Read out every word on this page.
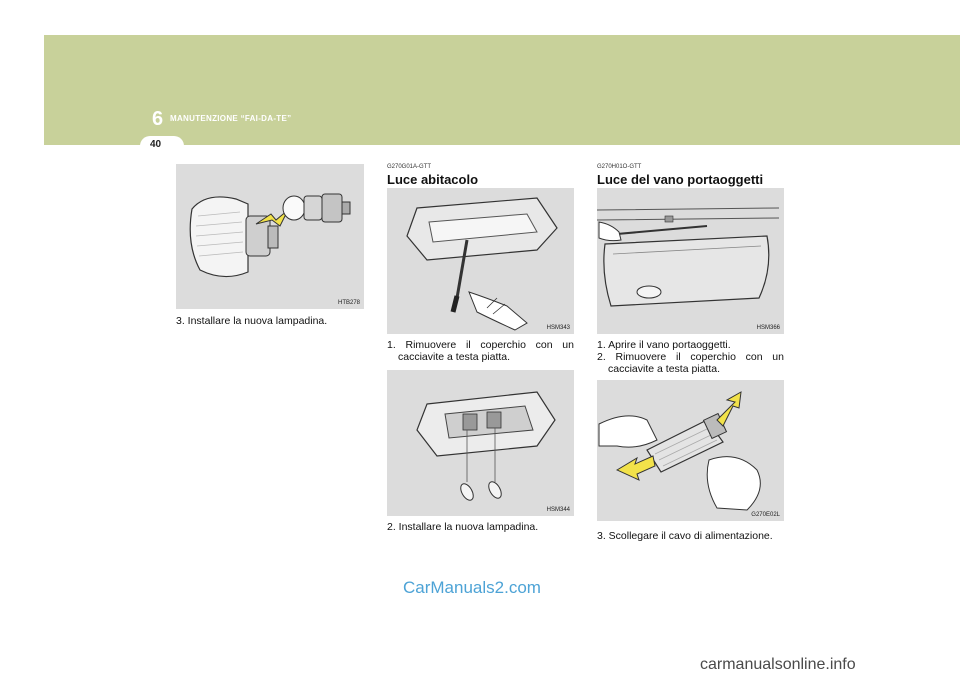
6 MANUTENZIONE “FAI-DA-TE”
40
HTB278
3. Installare la nuova lampadina.
G270G01A-GTT
Luce abitacolo
HSM343
1. Rimuovere il coperchio con un
cacciavite a testa piatta.
HSM344
2. Installare la nuova lampadina.
G270H01O-GTT
Luce del vano portaoggetti
HSM366
1. Aprire il vano portaoggetti.
2. Rimuovere il coperchio con un
cacciavite a testa piatta.
G270E02L
3. Scollegare il cavo di alimentazione.
CarManuals2.com
carmanualsonline.info
